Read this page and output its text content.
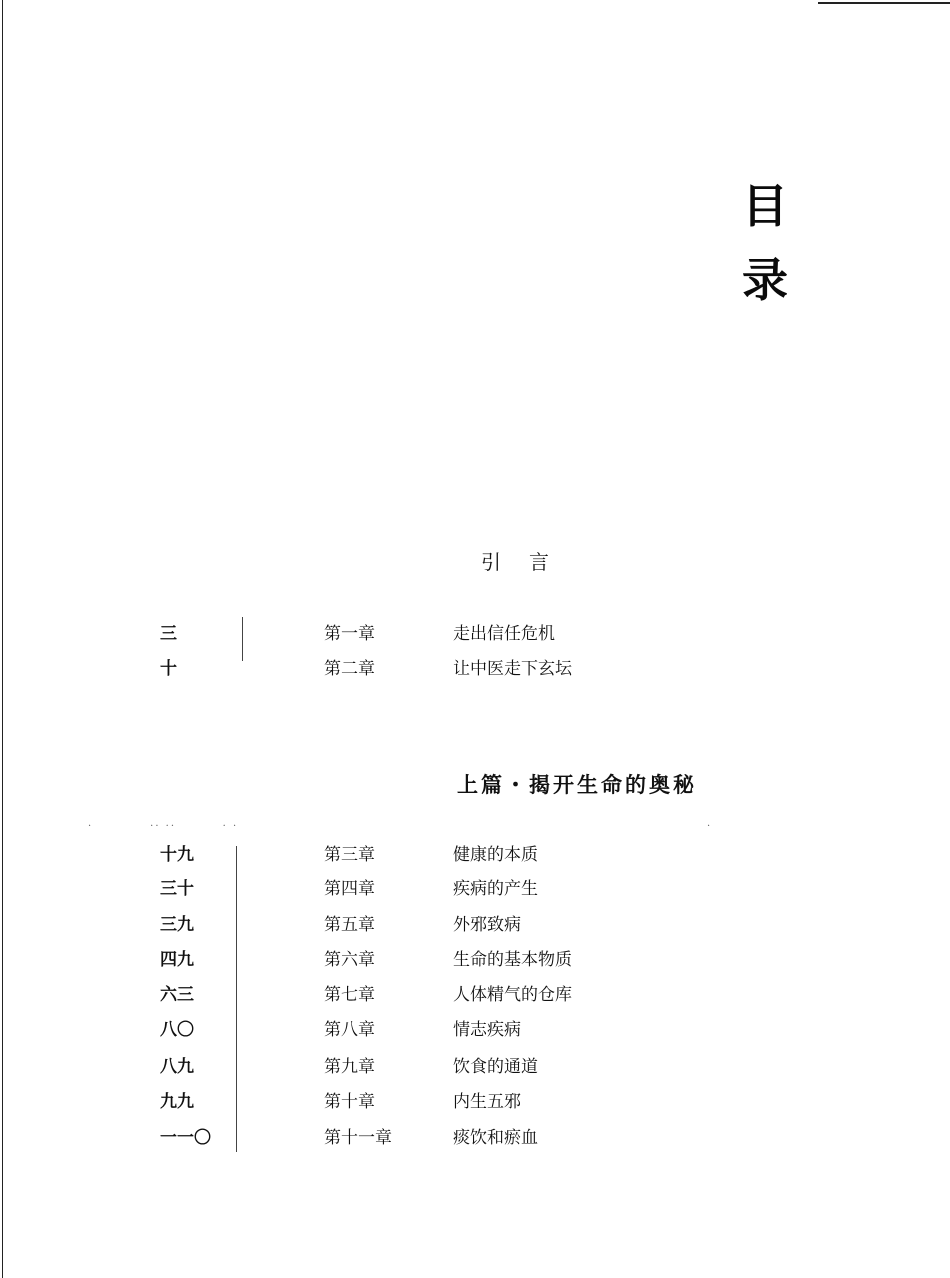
目
录
引言
三	第一章	走出信任危机
十	第二章	让中医走下玄坛
上篇・揭开生命的奥秘
·           ·· ··         · ·	·
十九	第三章	健康的本质
三十	第四章	疾病的产生
三九	第五章	外邪致病
四九	第六章	生命的基本物质
六三	第七章	人体精气的仓库
八〇	第八章	情志疾病
八九	第九章	饮食的通道
九九	第十章	内生五邪
一一〇	第十一章	痰饮和瘀血
